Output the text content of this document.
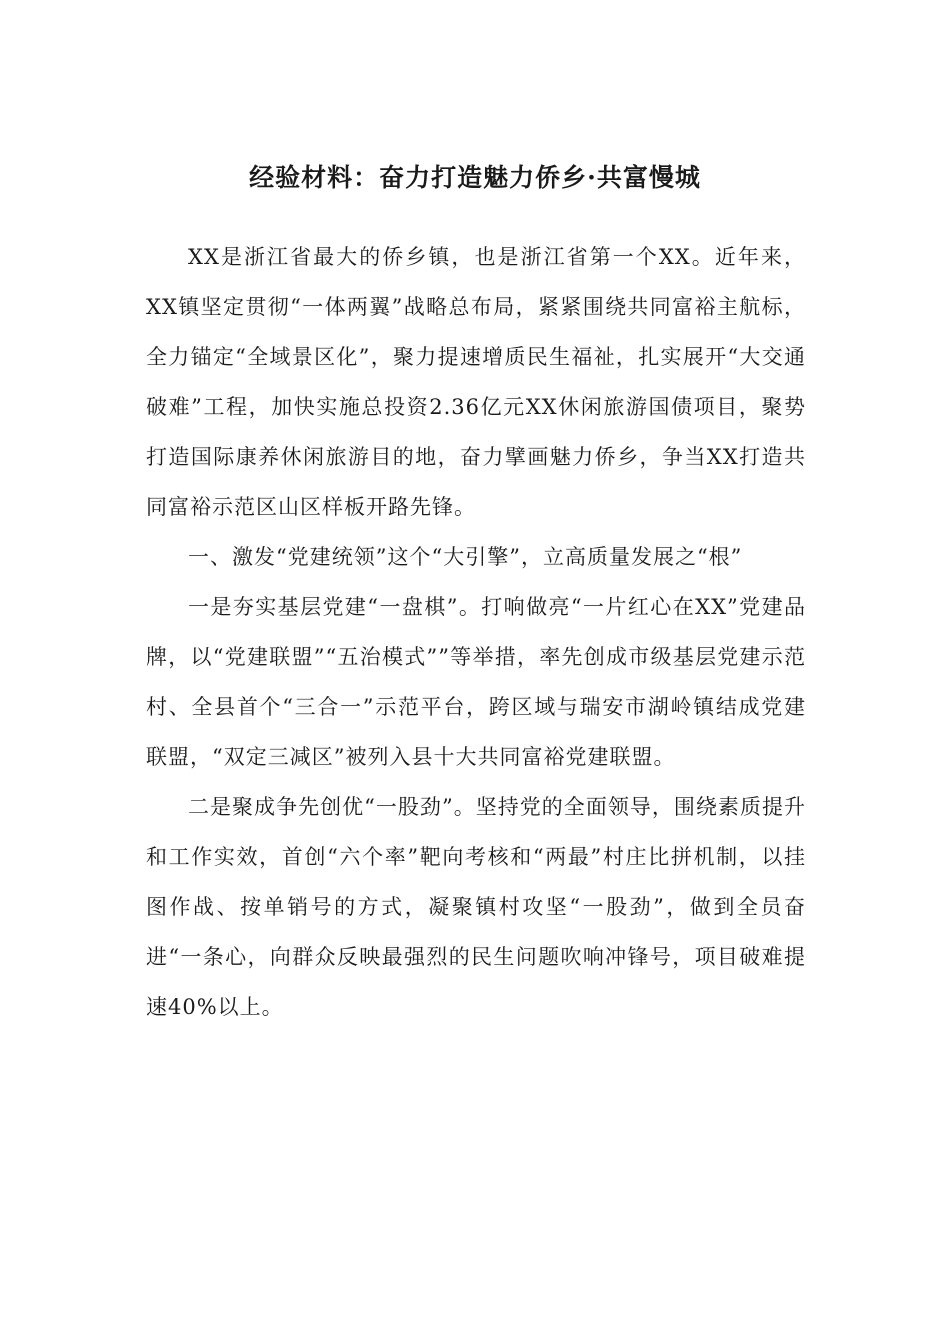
经验材料：奋力打造魅力侨乡·共富慢城

XX是浙江省最大的侨乡镇，也是浙江省第一个XX。近年来，XX镇坚定贯彻“一体两翼”战略总布局，紧紧围绕共同富裕主航标，全力锚定“全域景区化”，聚力提速增质民生福祉，扎实展开“大交通破难”工程，加快实施总投资2.36亿元XX休闲旅游国债项目，聚势打造国际康养休闲旅游目的地，奋力擘画魅力侨乡，争当XX打造共同富裕示范区山区样板开路先锋。

一、激发“党建统领”这个“大引擎”，立高质量发展之“根”

一是夯实基层党建“一盘棋”。打响做亮“一片红心在XX”党建品牌，以“党建联盟”“五治模式””等举措，率先创成市级基层党建示范村、全县首个“三合一”示范平台，跨区域与瑞安市湖岭镇结成党建联盟，“双定三减区”被列入县十大共同富裕党建联盟。

二是聚成争先创优“一股劲”。坚持党的全面领导，围绕素质提升和工作实效，首创“六个率”靶向考核和“两最”村庄比拼机制，以挂图作战、按单销号的方式，凝聚镇村攻坚“一股劲”，做到全员奋进“一条心，向群众反映最强烈的民生问题吹响冲锋号，项目破难提速40%以上。
